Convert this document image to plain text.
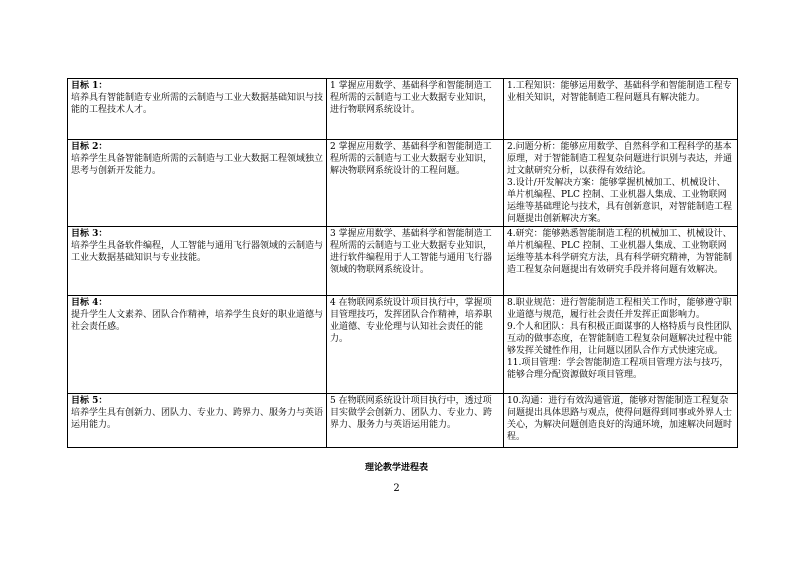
目标 1：
培养具有智能制造专业所需的云制造与工业大数据基础知识与技能的工程技术人才。	1 掌握应用数学、基础科学和智能制造工程所需的云制造与工业大数据专业知识，进行物联网系统设计。	1.工程知识：能够运用数学、基础科学和智能制造工程专业相关知识，对智能制造工程问题具有解决能力。

目标 2：
培养学生具备智能制造所需的云制造与工业大数据工程领域独立思考与创新开发能力。	2 掌握应用数学、基础科学和智能制造工程所需的云制造与工业大数据专业知识，解决物联网系统设计的工程问题。	2.问题分析：能够应用数学、自然科学和工程科学的基本原理，对于智能制造工程复杂问题进行识别与表达，并通过文献研究分析，以获得有效结论。
3.设计/开发解决方案：能够掌握机械加工、机械设计、单片机编程、PLC 控制、工业机器人集成、工业物联网运维等基础理论与技术，具有创新意识，对智能制造工程问题提出创新解决方案。

目标 3：
培养学生具备软件编程，人工智能与通用飞行器领域的云制造与工业大数据基础知识与专业技能。	3 掌握应用数学、基础科学和智能制造工程所需的云制造与工业大数据专业知识，进行软件编程用于人工智能与通用飞行器领域的物联网系统设计。	4.研究：能够熟悉智能制造工程的机械加工、机械设计、单片机编程、PLC 控制、工业机器人集成、工业物联网运维等基本科学研究方法，具有科学研究精神，为智能制造工程复杂问题提出有效研究手段并将问题有效解决。

目标 4：
提升学生人文素养、团队合作精神，培养学生良好的职业道德与社会责任感。	4 在物联网系统设计项目执行中，掌握项目管理技巧，发挥团队合作精神，培养职业道德、专业伦理与认知社会责任的能力。	8.职业规范：进行智能制造工程相关工作时，能够遵守职业道德与规范，履行社会责任并发挥正面影响力。
9.个人和团队：具有积极正面谋事的人格特质与良性团队互动的做事态度，在智能制造工程复杂问题解决过程中能够发挥关键性作用，让问题以团队合作方式快速完成。
11.项目管理：学会智能制造工程项目管理方法与技巧，能够合理分配资源做好项目管理。

目标 5：
培养学生具有创新力、团队力、专业力、跨界力、服务力与英语运用能力。	5 在物联网系统设计项目执行中，透过项目实做学会创新力、团队力、专业力、跨界力、服务力与英语运用能力。	10.沟通：进行有效沟通管道，能够对智能制造工程复杂问题提出具体思路与观点，使得问题得到同事或外界人士关心，为解决问题创造良好的沟通环境，加速解决问题时程。
理论教学进程表
2
